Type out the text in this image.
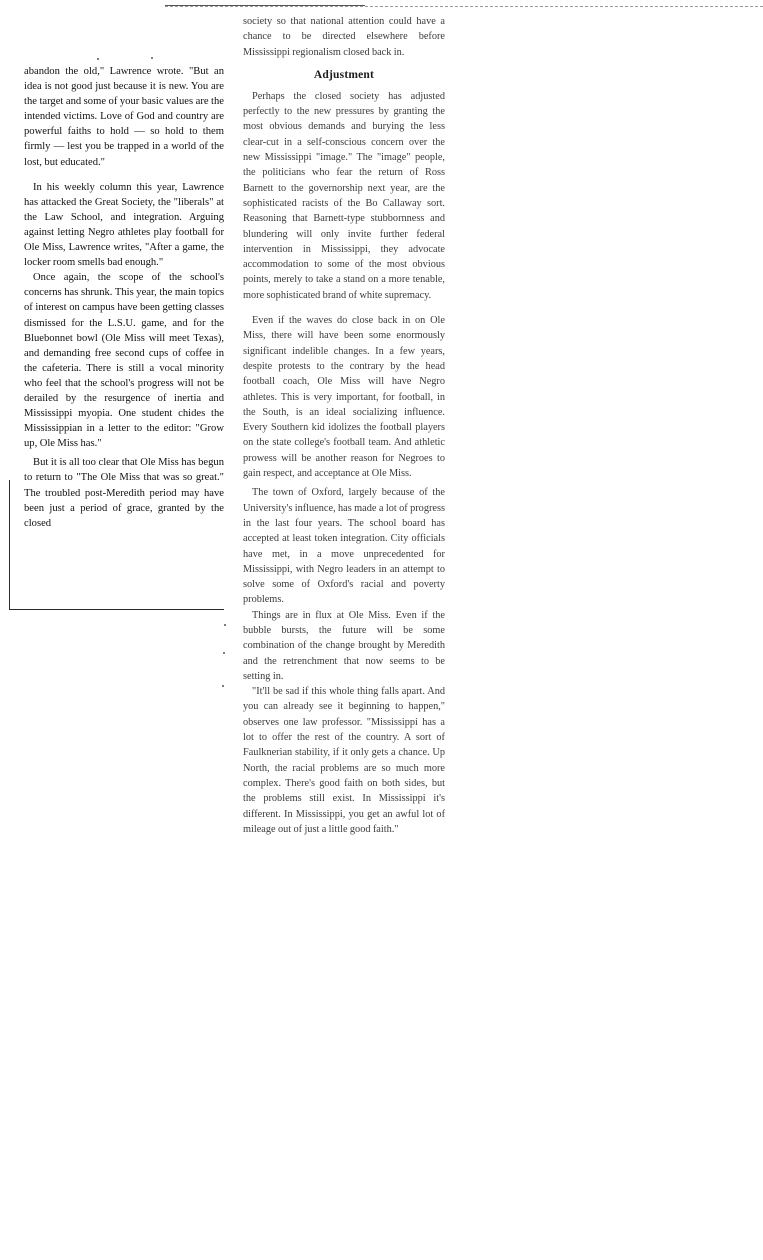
abandon the old," Lawrence wrote. "But an idea is not good just because it is new. You are the target and some of your basic values are the intended victims. Love of God and country are powerful faiths to hold — so hold to them firmly — lest you be trapped in a world of the lost, but educated."

In his weekly column this year, Lawrence has attacked the Great Society, the "liberals" at the Law School, and integration. Arguing against letting Negro athletes play football for Ole Miss, Lawrence writes, "After a game, the locker room smells bad enough."

Once again, the scope of the school's concerns has shrunk. This year, the main topics of interest on campus have been getting classes dismissed for the L.S.U. game, and for the Bluebonnet bowl (Ole Miss will meet Texas), and demanding free second cups of coffee in the cafeteria. There is still a vocal minority who feel that the school's progress will not be derailed by the resurgence of inertia and Mississippi myopia. One student chides the Mississippian in a letter to the editor: "Grow up, Ole Miss has."

But it is all too clear that Ole Miss has begun to return to "The Ole Miss that was so great." The troubled post-Meredith period may have been just a period of grace, granted by the closed

society so that national attention could have a chance to be directed elsewhere before Mississippi regionalism closed back in.

Adjustment

Perhaps the closed society has adjusted perfectly to the new pressures by granting the most obvious demands and burying the less clear-cut in a self-conscious concern over the new Mississippi "image." The "image" people, the politicians who fear the return of Ross Barnett to the governorship next year, are the sophisticated racists of the Bo Callaway sort. Reasoning that Barnett-type stubbornness and blundering will only invite further federal intervention in Mississippi, they advocate accommodation to some of the most obvious points, merely to take a stand on a more tenable, more sophisticated brand of white supremacy.

Even if the waves do close back in on Ole Miss, there will have been some enormously significant indelible changes. In a few years, despite protests to the contrary by the head football coach, Ole Miss will have Negro athletes. This is very important, for football, in the South, is an ideal socializing influence. Every Southern kid idolizes the football players on the state college's football team. And athletic prowess will be another reason for Negroes to gain respect, and acceptance at Ole Miss.

The town of Oxford, largely because of the University's influence, has made a lot of progress in the last four years. The school board has accepted at least token integration. City officials have met, in a move unprecedented for Mississippi, with Negro leaders in an attempt to solve some of Oxford's racial and poverty problems.

Things are in flux at Ole Miss. Even if the bubble bursts, the future will be some combination of the change brought by Meredith and the retrenchment that now seems to be setting in.

"It'll be sad if this whole thing falls apart. And you can already see it beginning to happen," observes one law professor. "Mississippi has a lot to offer the rest of the country. A sort of Faulknerian stability, if it only gets a chance. Up North, the racial problems are so much more complex. There's good faith on both sides, but the problems still exist. In Mississippi it's different. In Mississippi, you get an awful lot of mileage out of just a little good faith."
